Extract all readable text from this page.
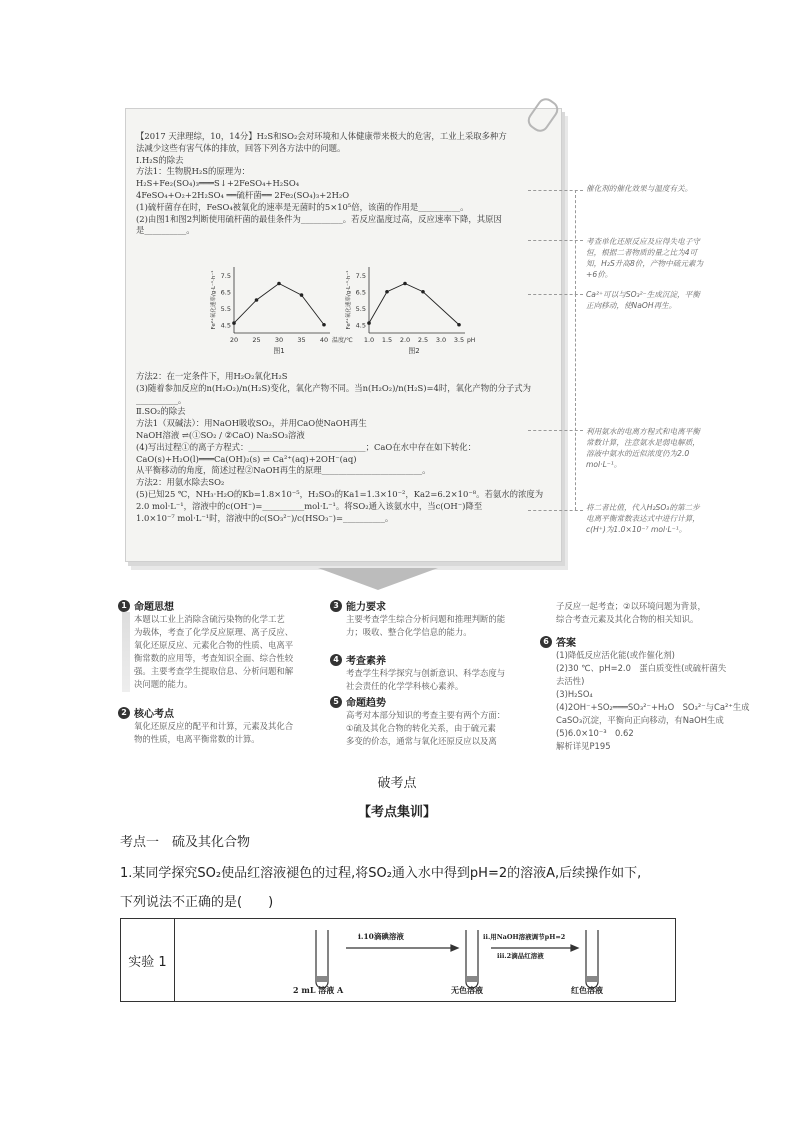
【2017 天津理综，10，14分】H₂S和SO₂会对环境和人体健康带来极大的危害，工业上采取多种方
法减少这些有害气体的排放，回答下列各方法中的问题。
Ⅰ.H₂S的除去
方法1：生物脱H₂S的原理为：
H₂S+Fe₂(SO₄)₃═══S↓+2FeSO₄+H₂SO₄
4FeSO₄+O₂+2H₂SO₄ ══硫杆菌══ 2Fe₂(SO₄)₃+2H₂O
(1)硫杆菌存在时，FeSO₄被氧化的速率是无菌时的5×10⁵倍，该菌的作用是__________。
(2)由图1和图2判断使用硫杆菌的最佳条件为__________。若反应温度过高，反应速率下降，其原因
是__________。
4.5
5.5
6.5
7.5
20 25 30 35 40 温度/℃
Fe²⁺氧化速率/g·L⁻¹·h⁻¹
图1
4.5
5.5
6.5
7.5
1.0 1.5 2.0 2.5 3.0 3.5 pH
Fe²⁺氧化速率/g·L⁻¹·h⁻¹
图2
方法2：在一定条件下，用H₂O₂氧化H₂S
(3)随着参加反应的n(H₂O₂)/n(H₂S)变化，氧化产物不同。当n(H₂O₂)/n(H₂S)=4时，氧化产物的分子式为
__________。
Ⅱ.SO₂的除去
方法1（双碱法）：用NaOH吸收SO₂，并用CaO使NaOH再生
NaOH溶液 ⇌(①SO₂ / ②CaO) Na₂SO₃溶液
(4)写出过程①的离子方程式：____________________________；CaO在水中存在如下转化：
CaO(s)+H₂O(l)═══Ca(OH)₂(s) ⇌ Ca²⁺(aq)+2OH⁻(aq)
从平衡移动的角度，简述过程②NaOH再生的原理________________________。
方法2：用氨水除去SO₂
(5)已知25 ℃，NH₃·H₂O的Kb=1.8×10⁻⁵，H₂SO₃的Ka1=1.3×10⁻²，Ka2=6.2×10⁻⁸。若氨水的浓度为
2.0 mol·L⁻¹，溶液中的c(OH⁻)=__________mol·L⁻¹。将SO₂通入该氨水中，当c(OH⁻)降至
1.0×10⁻⁷ mol·L⁻¹时，溶液中的c(SO₃²⁻)/c(HSO₃⁻)=__________。
催化剂的催化效果与温度有关。
考查单化还原反应及应得失电子守恒，根据二者物质的量之比为4可知，H₂S升高8价，产物中硫元素为+6价。
Ca²⁺可以与SO₃²⁻生成沉淀，平衡正向移动，使NaOH再生。
利用氨水的电离方程式和电离平衡常数计算，注意氨水是弱电解质，溶液中氨水的近似浓度仍为2.0 mol·L⁻¹。
将二者比值，代入H₂SO₃的第二步电离平衡常数表达式中进行计算，c(H⁺)为1.0×10⁻⁷ mol·L⁻¹。
1 命题思想
本题以工业上消除含硫污染物的化学工艺
为载体，考查了化学反应原理、离子反应、
氧化还原反应、元素化合物的性质、电离平
衡常数的应用等，考查知识全面、综合性较
强。主要考查学生提取信息、分析问题和解
决问题的能力。
2 核心考点
氧化还原反应的配平和计算，元素及其化合
物的性质，电离平衡常数的计算。
3 能力要求
主要考查学生综合分析问题和推理判断的能
力；吸收、整合化学信息的能力。
4 考查素养
考查学生科学探究与创新意识、科学态度与
社会责任的化学学科核心素养。
5 命题趋势
高考对本部分知识的考查主要有两个方面：
①硫及其化合物的转化关系，由于硫元素
多变的价态，通常与氧化还原反应以及离
子反应一起考查；②以环境问题为背景，
综合考查元素及其化合物的相关知识。
6 答案
(1)降低反应活化能(或作催化剂)
(2)30 ℃、pH=2.0　蛋白质变性(或硫杆菌失
去活性)
(3)H₂SO₄
(4)2OH⁻+SO₂═══SO₃²⁻+H₂O　SO₃²⁻与Ca²⁺生成
CaSO₃沉淀，平衡向正向移动，有NaOH生成
(5)6.0×10⁻³　0.62
解析详见P195
破考点
【考点集训】
考点一　硫及其化合物
1.某同学探究SO₂使品红溶液褪色的过程,将SO₂通入水中得到pH=2的溶液A,后续操作如下,
下列说法不正确的是(　　)
实验 1	
ⅰ.10滴碘溶液	ⅱ.用NaOH溶液调节pH=2
ⅲ.2滴品红溶液
2 mL 溶液 A	无色溶液	红色溶液
